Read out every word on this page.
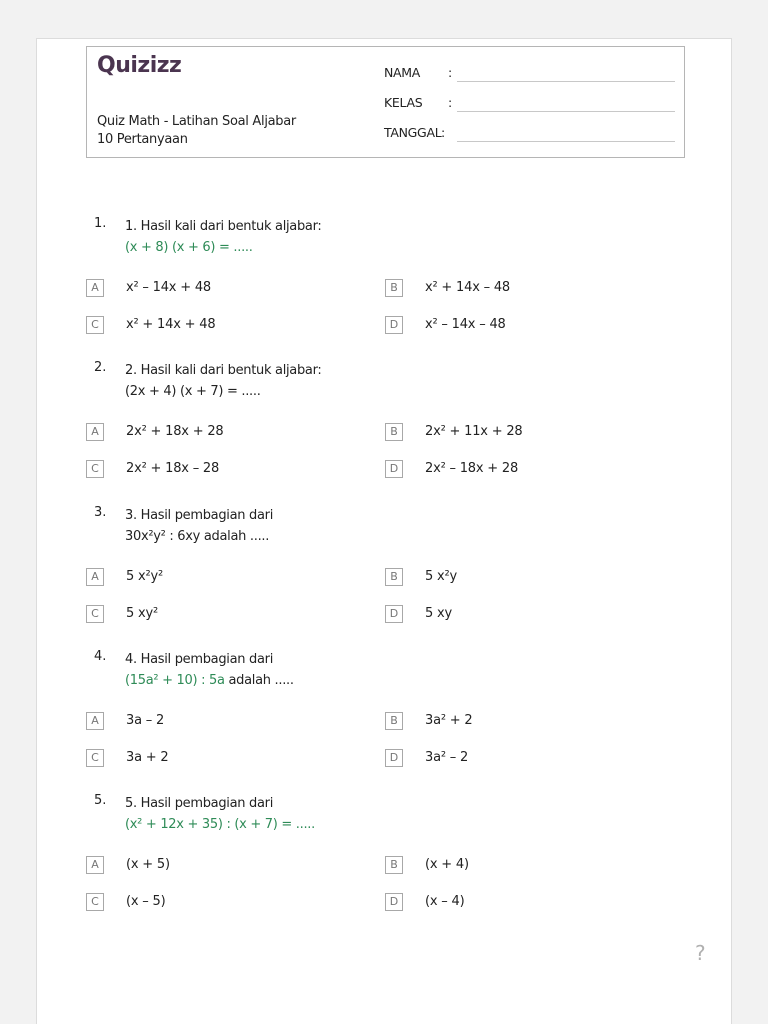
Quizizz
Quiz Math - Latihan Soal Aljabar
10 Pertanyaan
NAMA :
KELAS :
TANGGAL :
1. 1. Hasil kali dari bentuk aljabar:
(x + 8) (x + 6) = .....
A	x² – 14x + 48	B	x² + 14x – 48
C	x² + 14x + 48	D	x² – 14x – 48
2. 2. Hasil kali dari bentuk aljabar:
(2x + 4) (x + 7) = .....
A	2x² + 18x + 28	B	2x² + 11x + 28
C	2x² + 18x – 28	D	2x² – 18x + 28
3. 3. Hasil pembagian dari
30x²y² : 6xy adalah .....
A	5 x²y²	B	5 x²y
C	5 xy²	D	5 xy
4. 4. Hasil pembagian dari
(15a² + 10) : 5a adalah .....
A	3a – 2	B	3a² + 2
C	3a + 2	D	3a² – 2
5. 5. Hasil pembagian dari
(x² + 12x + 35) : (x + 7) = .....
A	(x + 5)	B	(x + 4)
C	(x – 5)	D	(x – 4)
?
